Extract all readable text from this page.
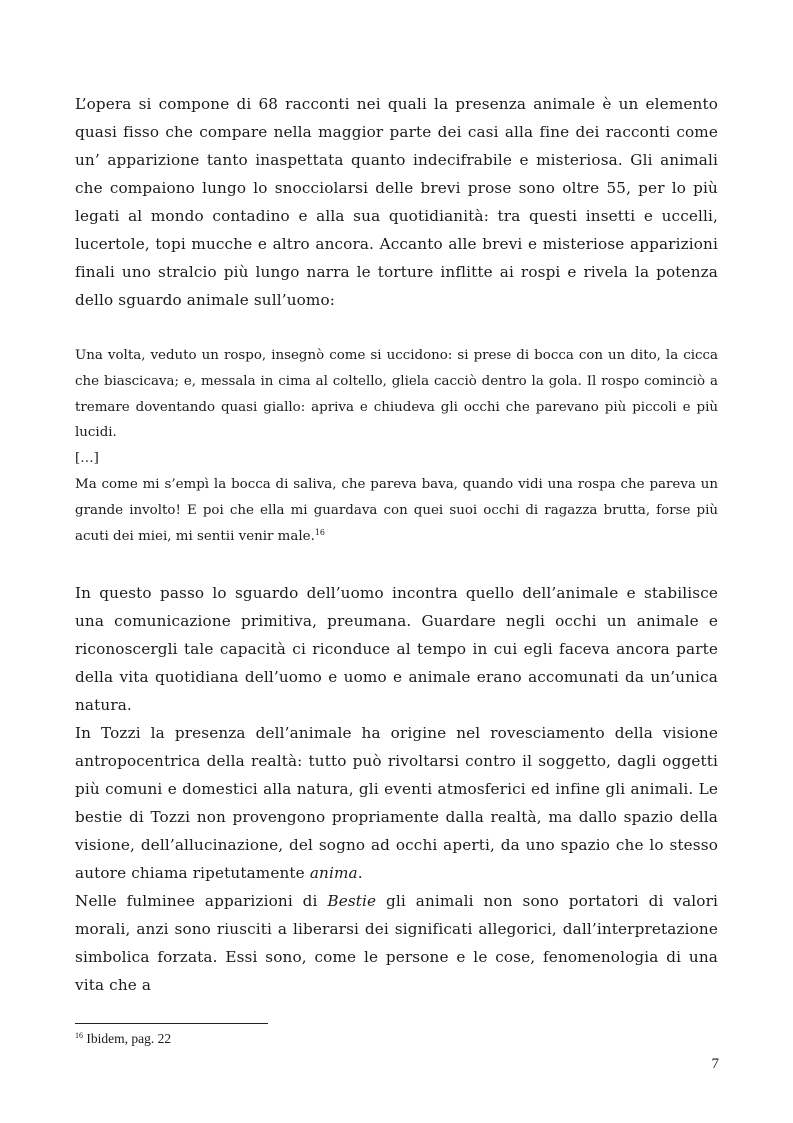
L’opera si compone di 68 racconti nei quali la presenza animale è un elemento quasi fisso che compare nella maggior parte dei casi alla fine dei racconti come un’ apparizione tanto inaspettata quanto indecifrabile e misteriosa. Gli animali che compaiono lungo lo snocciolarsi delle brevi prose sono oltre 55, per lo più legati al mondo contadino e alla sua quotidianità: tra questi insetti e uccelli, lucertole, topi mucche e altro ancora. Accanto alle brevi e misteriose apparizioni finali uno stralcio più lungo narra le torture inflitte ai rospi e rivela la potenza dello sguardo animale sull’uomo:

Una volta, veduto un rospo, insegnò come si uccidono: si prese di bocca con un dito, la cicca che biascicava; e, messala in cima al coltello, gliela cacciò dentro la gola. Il rospo cominciò a tremare doventando quasi giallo: apriva e chiudeva gli occhi che parevano più piccoli e più lucidi.
[…]
Ma come mi s’empì la bocca di saliva, che pareva bava, quando vidi una rospa che pareva un grande involto! E poi che ella mi guardava con quei suoi occhi di ragazza brutta, forse più acuti dei miei, mi sentii venir male.$^{16}$

In questo passo lo sguardo dell’uomo incontra quello dell’animale e stabilisce una comunicazione primitiva, preumana. Guardare negli occhi un animale e riconoscergli tale capacità ci riconduce al tempo in cui egli faceva ancora parte della vita quotidiana dell’uomo e uomo e animale erano accomunati da un’unica natura.

In Tozzi la presenza dell’animale ha origine nel rovesciamento della visione antropocentrica della realtà: tutto può rivoltarsi contro il soggetto, dagli oggetti più comuni e domestici alla natura, gli eventi atmosferici ed infine gli animali. Le bestie di Tozzi non provengono propriamente dalla realtà, ma dallo spazio della visione, dell’allucinazione, del sogno ad occhi aperti, da uno spazio che lo stesso autore chiama ripetutamente anima.

Nelle fulminee apparizioni di Bestie gli animali non sono portatori di valori morali, anzi sono riusciti a liberarsi dei significati allegorici, dall’interpretazione simbolica forzata. Essi sono, come le persone e le cose, fenomenologia di una vita che a

$^{16}$ Ibidem, pag. 22

7
